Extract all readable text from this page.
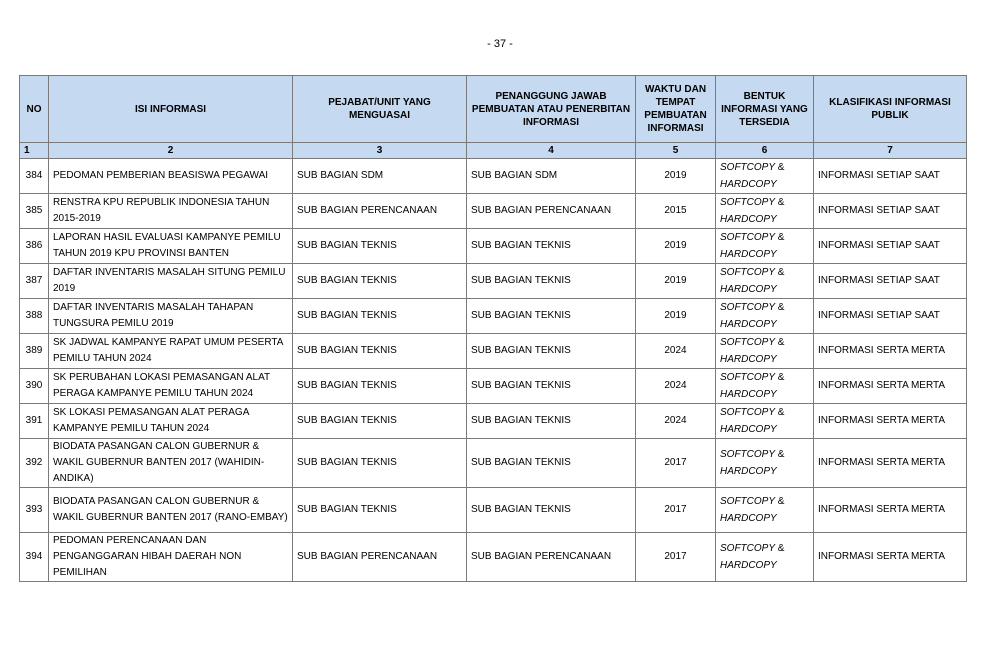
- 37 -
NO	ISI INFORMASI	PEJABAT/UNIT YANG MENGUASAI	PENANGGUNG JAWAB PEMBUATAN ATAU PENERBITAN INFORMASI	WAKTU DAN TEMPAT PEMBUATAN INFORMASI	BENTUK INFORMASI YANG TERSEDIA	KLASIFIKASI INFORMASI PUBLIK
1	2	3	4	5	6	7
384	PEDOMAN PEMBERIAN BEASISWA PEGAWAI	SUB BAGIAN SDM	SUB BAGIAN SDM	2019	SOFTCOPY &
HARDCOPY	INFORMASI SETIAP SAAT
385	RENSTRA KPU REPUBLIK INDONESIA TAHUN 2015-2019	SUB BAGIAN PERENCANAAN	SUB BAGIAN PERENCANAAN	2015	SOFTCOPY &
HARDCOPY	INFORMASI SETIAP SAAT
386	LAPORAN HASIL EVALUASI KAMPANYE PEMILU TAHUN 2019 KPU PROVINSI BANTEN	SUB BAGIAN TEKNIS	SUB BAGIAN TEKNIS	2019	SOFTCOPY &
HARDCOPY	INFORMASI SETIAP SAAT
387	DAFTAR INVENTARIS MASALAH SITUNG PEMILU 2019	SUB BAGIAN TEKNIS	SUB BAGIAN TEKNIS	2019	SOFTCOPY &
HARDCOPY	INFORMASI SETIAP SAAT
388	DAFTAR INVENTARIS MASALAH TAHAPAN TUNGSURA PEMILU 2019	SUB BAGIAN TEKNIS	SUB BAGIAN TEKNIS	2019	SOFTCOPY &
HARDCOPY	INFORMASI SETIAP SAAT
389	SK JADWAL KAMPANYE RAPAT UMUM PESERTA PEMILU TAHUN 2024	SUB BAGIAN TEKNIS	SUB BAGIAN TEKNIS	2024	SOFTCOPY &
HARDCOPY	INFORMASI SERTA MERTA
390	SK PERUBAHAN LOKASI PEMASANGAN ALAT PERAGA KAMPANYE PEMILU TAHUN 2024	SUB BAGIAN TEKNIS	SUB BAGIAN TEKNIS	2024	SOFTCOPY &
HARDCOPY	INFORMASI SERTA MERTA
391	SK LOKASI PEMASANGAN ALAT PERAGA KAMPANYE PEMILU TAHUN 2024	SUB BAGIAN TEKNIS	SUB BAGIAN TEKNIS	2024	SOFTCOPY &
HARDCOPY	INFORMASI SERTA MERTA
392	BIODATA PASANGAN CALON GUBERNUR & WAKIL GUBERNUR BANTEN 2017 (WAHIDIN-ANDIKA)	SUB BAGIAN TEKNIS	SUB BAGIAN TEKNIS	2017	SOFTCOPY &
HARDCOPY	INFORMASI SERTA MERTA
393	BIODATA PASANGAN CALON GUBERNUR & WAKIL GUBERNUR BANTEN 2017 (RANO-EMBAY)	SUB BAGIAN TEKNIS	SUB BAGIAN TEKNIS	2017	SOFTCOPY &
HARDCOPY	INFORMASI SERTA MERTA
394	PEDOMAN PERENCANAAN DAN PENGANGGARAN HIBAH DAERAH NON PEMILIHAN	SUB BAGIAN PERENCANAAN	SUB BAGIAN PERENCANAAN	2017	SOFTCOPY &
HARDCOPY	INFORMASI SERTA MERTA
